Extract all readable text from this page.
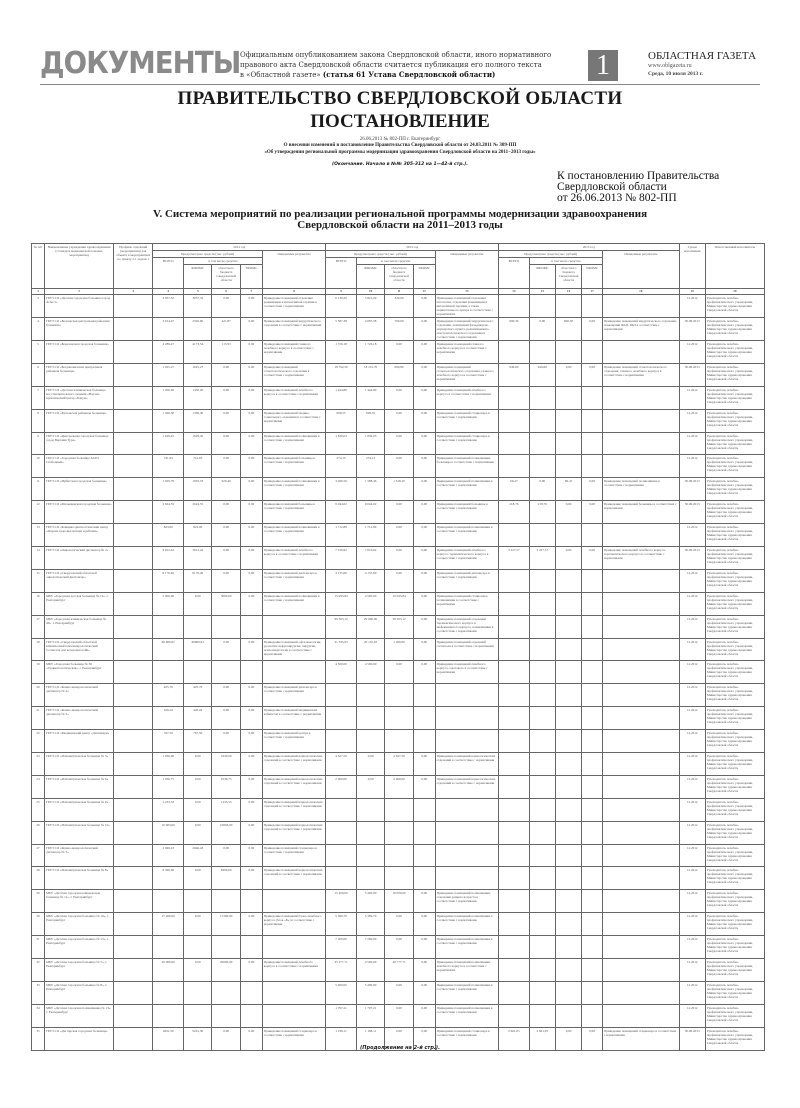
ДОКУМЕНТЫ Официальным опубликованием закона Свердловской области, иного нормативного
правового акта Свердловской области считается публикация его полного текста
в «Областной газете» (статья 61 Устава Свердловской области)	1	ОБЛАСТНАЯ ГАЗЕТА
www.oblgazeta.ru
Среда, 10 июля 2013 г.
ПРАВИТЕЛЬСТВО СВЕРДЛОВСКОЙ ОБЛАСТИ
ПОСТАНОВЛЕНИЕ
26.06.2013 № 802-ПП г. Екатеринбург
О внесении изменений в постановление Правительства Свердловской области от 24.03.2011 № 309-ПП
«Об утверждении региональной программы модернизации здравоохранения Свердловской области на 2011−2013 годы»
(Окончание. Начало в №№ 305-312 на 1—42-й стр.).
К постановлению Правительства
Свердловской области
от 26.06.2013 № 802-ПП
V. Система мероприятий по реализации региональной программы модернизации здравоохранения
Свердловской области на 2011–2013 годы
№ п/п	Наименование учреждения здравоохранения (стандарта медицинской помощи, мероприятия)	Профиль отделений (мероприятия) для объекта в мероприятиях по пункту 2.1 задачи 1	2012 год					2013 год					2013 год					Сроки исполнения	Ответственный исполнитель
			Предусмотрено средств (тыс. рублей)				Ожидаемые результаты	Предусмотрено средств (тыс. рублей)				Ожидаемые результаты	Предусмотрено средств (тыс. рублей)				Ожидаемые результаты		
			ВСЕГО	в том числе средства				ВСЕГО	в том числе средства				ВСЕГО	в том числе средства					
				ФФОМС	областного бюджета Свердловской области	ТФОМС			ФФОМС	областного бюджета Свердловской области	ТФОМС			ФФОМС	областного бюджета Свердловской области	ТФОМС			
1	2	3	4	5	6	7	8	9	10	11	12	13	14	15	16	17	18	19	20
3	ГБУЗ СО «Детская городская больница город Асбест»		3 057,32	3057,32	0,00	0,00	Приведение помещений отделения реанимации и интенсивной терапии в соответствие с нормативами	6 139,29	5 810,29	329,00	0,00	Приведение помещений отделения патологии, отделения реанимации и интенсивной терапии, а также перинатального центра в соответствие с нормативами						12.2012	Руководитель лечебно-профилактического учреждения, Министерство здравоохранения Свердловской области
4	ГБУЗ СО «Белоярская центральная районная больница»		3 014,47	2592,60	421,87	0,00	Приведение помещений хирургического отделения в соответствие с нормативами	5 387,38	4 687,38	700,00	0,00	Приведение помещений хирургического отделения, помещений фельдшерско-акушерского пункта, реанимационно-анестезиологического отделения в соответствие с нормативами	600,30	0,00	600,30	0,00	Приведение помещений хирургического отделения, помещений ФАП, РАО в соответствие с нормативами	30.06.2013	Руководитель лечебно-профилактического учреждения, Министерство здравоохранения Свердловской области
5	ГБУЗ СО «Березовская городская больница»		4 289,47	4173,54	115,93	0,00	Приведение помещений главного лечебного корпуса в соответствие с нормативами	1 726,18	1 726,18	0,00	0,00	Приведение помещений главного лечебного корпуса в соответствие с нормативами						12.2012	Руководитель лечебно-профилактического учреждения, Министерство здравоохранения Свердловской области
6	ГБУЗ СО «Богдановичская центральная районная больница»		1 025,27	1025,27	0,00	0,00	Приведение помещений стоматологического отделения в соответствие с нормативами	18 792,50	18 101,70	690,80	0,00	Приведение помещений стоматологического отделения, главного лечебного корпуса в соответствие с нормативами	949,60	949,60	0,00	0,00	Приведение помещений стоматологического отделения, главного лечебного корпуса в соответствие с нормативами	30.06.2013	Руководитель лечебно-профилактического учреждения, Министерство здравоохранения Свердловской области
7	ГБУЗ СО «Детская клиническая больница восстановительного лечения «Научно-практический центр «Бонум»		1 450,20	1450,20	0,00	0,00	Приведение помещений лечебного корпуса в соответствие с нормативами	1 444,80	1 444,80	0,00	0,00	Приведение помещений лечебного корпуса в соответствие с нормативами						12.2012	Руководитель лечебно-профилактического учреждения, Министерство здравоохранения Свердловской области
8	ГБУЗ СО «Бутковская районная больница»		1 306,30	1306,30	0,00	0,00	Приведение помещений медико-социального отделения в соответствие с нормативами	699,55	699,55	0,00	0,00	Приведение помещений стационара в соответствие с нормативами						12.2012	Руководитель лечебно-профилактического учреждения, Министерство здравоохранения Свердловской области
9	ГБУЗ СО «Центральная городская больница город Верхняя Тура»		1 629,45	1629,45	0,00	0,00	Приведение помещений поликлиники в соответствие с нормативами	1 839,03	1 839,03	0,00	0,00	Приведение помещений стационара в соответствие с нормативами						12.2012	Руководитель лечебно-профилактического учреждения, Министерство здравоохранения Свердловской области
10	ГБУЗ СО «Городская больница ЗАТО Свободный»		741,63	741,63	0,00	0,00	Приведение помещений больницы в соответствие с нормативами	274,13	274,13	0,00	0,00	Приведение помещений поликлиники, больницы в соответствие с нормативами						12.2012	Руководитель лечебно-профилактического учреждения, Министерство здравоохранения Свердловской области
11	ГБУЗ СО «Ирбитская городская больница»		1 929,79	1003,33	926,46	0,00	Приведение помещений поликлиники в соответствие с нормативами	3 206,56	1 588,46	1 618,10	0,00	Приведение помещений поликлиники в соответствие с нормативами	66,47	0,00	66,47	0,00	Приведение помещений поликлиники в соответствие с нормативами	30.06.2013	Руководитель лечебно-профилактического учреждения, Министерство здравоохранения Свердловской области
12	ГБУЗ СО «Малышевская городская больница»		2 624,55	2624,55	0,00	0,00	Приведение помещений больницы в соответствие с нормативами	9 044,02	9 044,02	0,00	0,00	Приведение помещений больницы в соответствие с нормативами	218,76	218,76	0,00	0,00	Приведение помещений больницы в соответствие с нормативами	30.06.2013	Руководитель лечебно-профилактического учреждения, Министерство здравоохранения Свердловской области
13	ГБУЗ СО «Клинико-диагностический центр «Охрана здоровья матери и ребенка»		823,00	823,00	0,00	0,00	Приведение помещений поликлиники в соответствие с нормативами	1 712,89	1 712,89	0,00	0,00	Приведение помещений поликлиники в соответствие с нормативами						12.2012	Руководитель лечебно-профилактического учреждения, Министерство здравоохранения Свердловской области
14	ГБУЗ СО «Онкологический диспансер № 2»		3 912,42	3912,42	0,00	0,00	Приведение помещений лечебного корпуса в соответствие с нормативами	7 016,92	7 016,92	0,00	0,00	Приведение помещений лечебного корпуса, терапевтического корпуса в соответствие с нормативами	3 227,57	3 227,57	0,00	0,00	Приведение помещений лечебного корпуса, терапевтического корпуса в соответствие с нормативами	30.06.2013	Руководитель лечебно-профилактического учреждения, Министерство здравоохранения Свердловской области
15	ГБУЗ СО «Свердловский областной онкологический диспансер»		6 176,49	6176,49	0,00	0,00	Приведение помещений диспансера в соответствие с нормативами	4 135,60	4 135,60	0,00	0,00	Приведение помещений диспансера в соответствие с нормативами						12.2012	Руководитель лечебно-профилактического учреждения, Министерство здравоохранения Свердловской области
16	МБУ «Городская детская больница № 16», г. Екатеринбург		5 000,00	0,00	5000,00	0,00	Приведение помещений поликлиники в соответствие с нормативами	15 093,84	4 500,00	10 593,84	0,00	Приведение помещений стационара, поликлиники в соответствие с нормативами						12.2012	Руководитель лечебно-профилактического учреждения, Министерство здравоохранения Свердловской области
17	МБУ «Городская клиническая больница № 40», г. Екатеринбург							69 563,12	29 000,00	39 563,12	0,00	Приведение помещений отделений терапевтического корпуса и инфекционного корпуса, поликлиники в соответствие с нормативами						12.2012	Руководитель лечебно-профилактического учреждения, Министерство здравоохранения Свердловской области
18	ГБУЗ СО «Свердловский областной клинический психоневрологический госпиталь для ветеранов войн»		66 609,61	66609,61	0,00	0,00	Приведение помещений офтальмологии, урологии, нефрохирургии, хирургии, психоневрологии в соответствие с нормативами	21 335,63	20 135,63	1 200,00	0,00	Приведение помещений отделений госпиталя в соответствие с нормативами						12.2012	Руководитель лечебно-профилактического учреждения, Министерство здравоохранения Свердловской области
19	МБУ «Городская больница № 36 «Травматологическая», г. Екатеринбург							4 500,00	4 500,00	0,00	0,00	Приведение помещений лечебного корпуса, ожогового в соответствие с нормативами						12.2012	Руководитель лечебно-профилактического учреждения, Министерство здравоохранения Свердловской области
20	ГБУЗ СО «Кожно-венерологический диспансер № 4»		425,70	425,70	0,00	0,00	Приведение помещений диспансера в соответствие с нормативами											12.2012	Руководитель лечебно-профилактического учреждения, Министерство здравоохранения Свердловской области
21	ГБУЗ СО «Кожно-венерологический диспансер № 3»		426,24	426,24	0,00	0,00	Приведение помещений медицинских кабинетов в соответствие с нормативами											12.2012	Руководитель лечебно-профилактического учреждения, Министерство здравоохранения Свердловской области
22	ГБУЗ СО «Медицинский центр «Дискавери»		767,50	767,50	0,00	0,00	Приведение помещений центра в соответствие с нормативами											12.2012	Руководитель лечебно-профилактического учреждения, Министерство здравоохранения Свердловской области
23	ГБУЗ СО «Психиатрическая больница № 3»		1 930,00	0,00	1930,00	0,00	Приведение помещений наркологических отделений в соответствие с нормативами	4 627,50	0,00	4 627,50	0,00	Приведение помещений наркологических отделений в соответствие с нормативами						12.2012	Руководитель лечебно-профилактического учреждения, Министерство здравоохранения Свердловской области
24	ГБУЗ СО «Психиатрическая больница № 6»		1 030,75	0,00	1030,75	0,00	Приведение помещений наркологических отделений в соответствие с нормативами	2 000,00	0,00	2 000,00	0,00	Приведение помещений наркологических отделений в соответствие с нормативами						12.2012	Руководитель лечебно-профилактического учреждения, Министерство здравоохранения Свердловской области
25	ГБУЗ СО «Психиатрическая больница № 9»		1 233,53	0,00	1233,53	0,00	Приведение помещений наркологических отделений в соответствие с нормативами											12.2012	Руководитель лечебно-профилактического учреждения, Министерство здравоохранения Свердловской области
26	ГБУЗ СО «Психиатрическая больница № 10»		10 063,00	0,00	10063,00	0,00	Приведение помещений наркологических отделений в соответствие с нормативами											12.2012	Руководитель лечебно-профилактического учреждения, Министерство здравоохранения Свердловской области
27	ГБУЗ СО «Кожно-венерологический диспансер № 3»		2 946,43	2946,43	0,00	0,00	Приведение помещений стационара в соответствие с нормативами											12.2012	Руководитель лечебно-профилактического учреждения, Министерство здравоохранения Свердловской области
28	ГБУЗ СО «Психиатрическая больница № 8»		6 390,00	0,00	6390,00	0,00	Приведение помещений наркологических отделений в соответствие с нормативами											12.2012	Руководитель лечебно-профилактического учреждения, Министерство здравоохранения Свердловской области
29	МБУ «Детская городская клиническая больница № 11», г. Екатеринбург							15 400,00	5 400,00	10 000,00	0,00	Приведение помещений поликлиники, отделения раннего возраста в соответствие с нормативами						12.2012	Руководитель лечебно-профилактического учреждения, Министерство здравоохранения Свердловской области
30	МБУ «Детская городская больница № 10», г. Екатеринбург		17 200,00	0,00	17200,00	0,00	Приведение помещений блока лечебного корпуса (блок «Б») в соответствие с нормативами	5 399,70	5 399,70	0,00	0,00	Приведение помещений поликлиники в соответствие с нормативами						12.2012	Руководитель лечебно-профилактического учреждения, Министерство здравоохранения Свердловской области
31	МБУ «Детская городская больница № 15», г. Екатеринбург							7 200,00	7 200,00	0,00	0,00	Приведение помещений поликлиники в соответствие с нормативами						12.2012	Руководитель лечебно-профилактического учреждения, Министерство здравоохранения Свердловской области
32	МБУ «Детская городская больница № 5», г. Екатеринбург		20 000,00	0,00	20000,00	0,00	Приведение помещений лечебного корпуса в соответствие с нормативами	45 277,71	4 500,00	40 777,71	0,00	Приведение помещений поликлиники, лечебного корпуса в соответствие с нормативами						12.2012	Руководитель лечебно-профилактического учреждения, Министерство здравоохранения Свердловской области
33	МБУ «Детская городская больница № 8», г. Екатеринбург							5 400,00	5 400,00	0,00	0,00	Приведение помещений поликлиники в соответствие с нормативами						12.2012	Руководитель лечебно-профилактического учреждения, Министерство здравоохранения Свердловской области
34	МБУ «Детская городская поликлиника № 13», г. Екатеринбург							1 797,21	1 797,21	0,00	0,00	Приведение помещений поликлиники в соответствие с нормативами						12.2012	Руководитель лечебно-профилактического учреждения, Министерство здравоохранения Свердловской области
35	ГБУЗ СО «Дегтярская городская больница»		9291,30	9291,30	0,00	0,00	Приведение помещений стационара в соответствие с нормативами	1 198,11	1 198,11	0,00	0,00	Приведение помещений стационара в соответствие с нормативами	2 661,05	2 661,05	0,00	0,00	Приведение помещений стационара в соответствие с нормативами	30.06.2013	Руководитель лечебно-профилактического учреждения, Министерство здравоохранения Свердловской области
(Продолжение на 2-й стр.).
